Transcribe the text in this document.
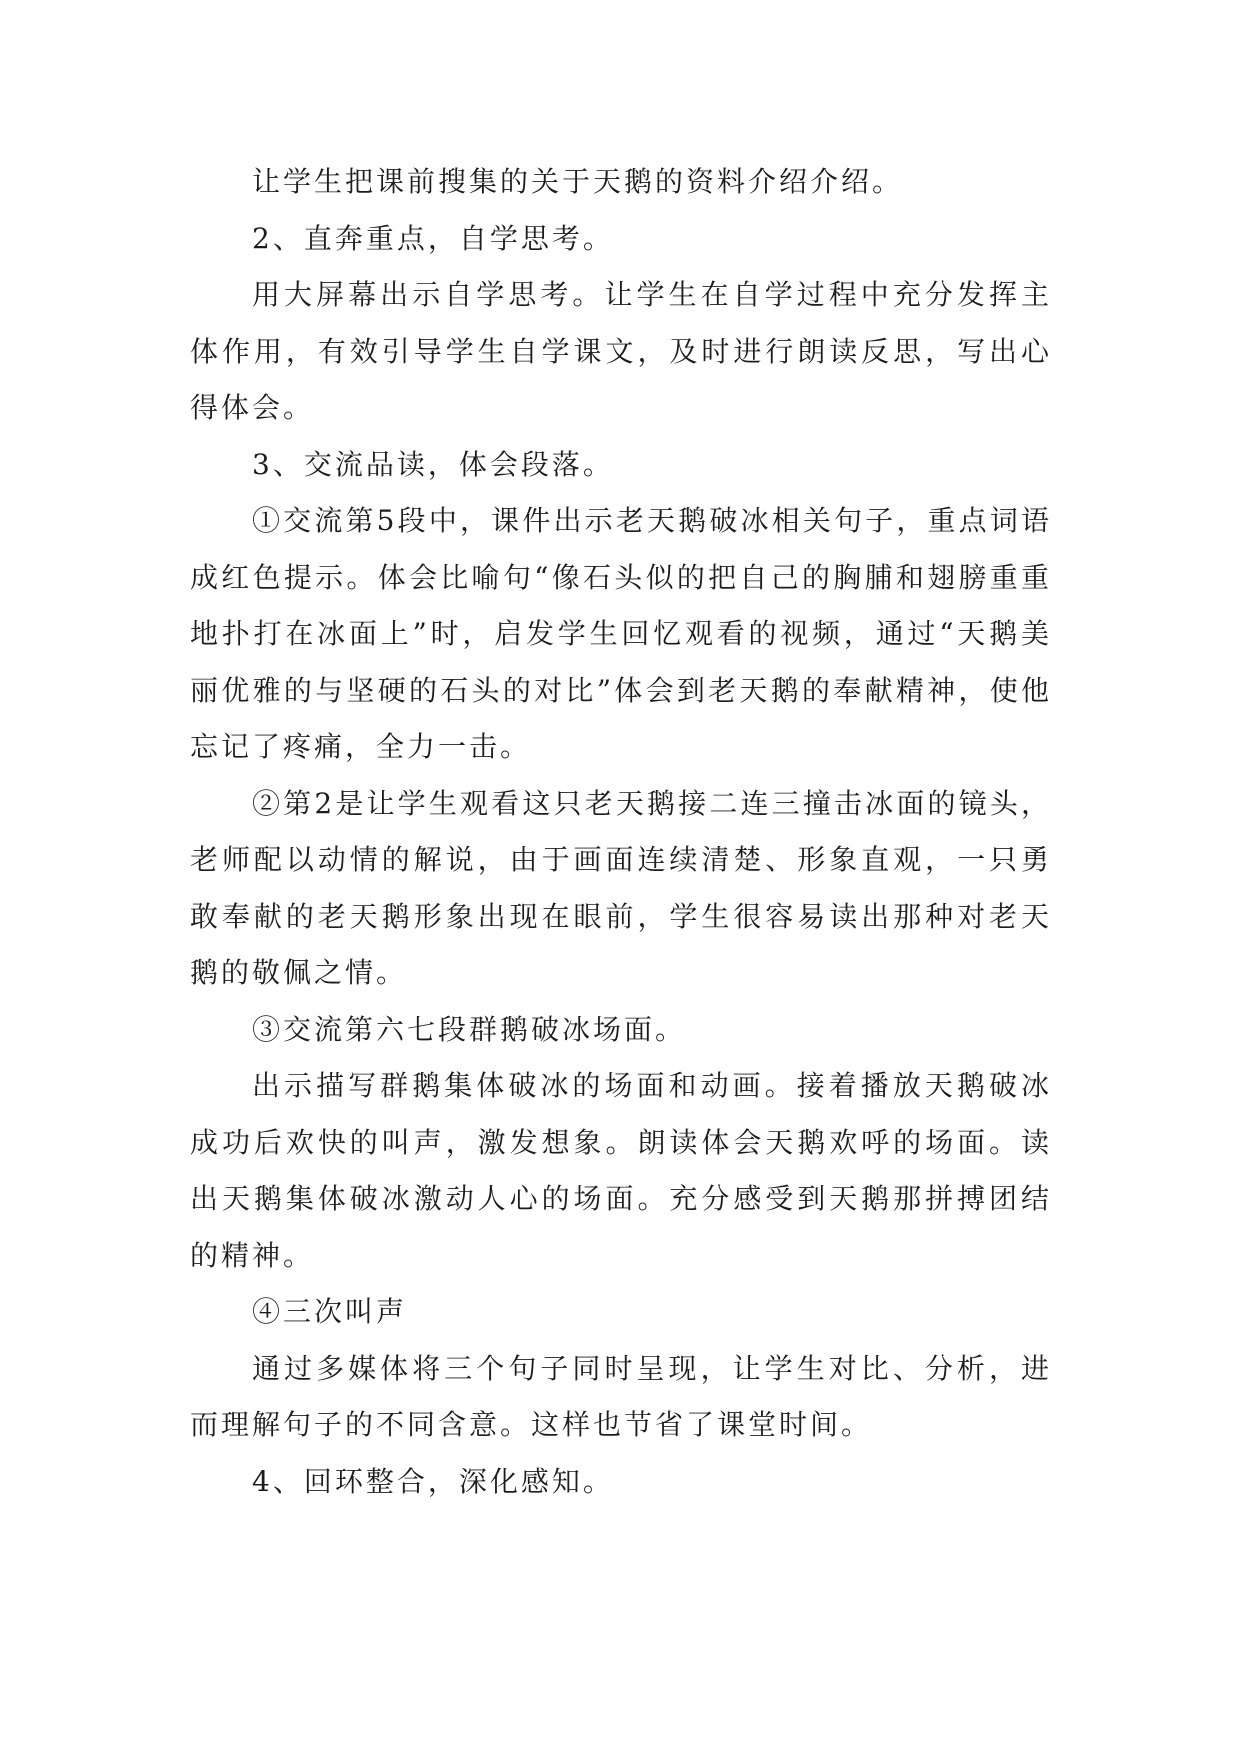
让学生把课前搜集的关于天鹅的资料介绍介绍。

2、直奔重点，自学思考。

用大屏幕出示自学思考。让学生在自学过程中充分发挥主体作用，有效引导学生自学课文，及时进行朗读反思，写出心得体会。

3、交流品读，体会段落。

①交流第5段中，课件出示老天鹅破冰相关句子，重点词语成红色提示。体会比喻句“像石头似的把自己的胸脯和翅膀重重地扑打在冰面上”时，启发学生回忆观看的视频，通过“天鹅美丽优雅的与坚硬的石头的对比”体会到老天鹅的奉献精神，使他忘记了疼痛，全力一击。

②第2是让学生观看这只老天鹅接二连三撞击冰面的镜头，老师配以动情的解说，由于画面连续清楚、形象直观，一只勇敢奉献的老天鹅形象出现在眼前，学生很容易读出那种对老天鹅的敬佩之情。

③交流第六七段群鹅破冰场面。

出示描写群鹅集体破冰的场面和动画。接着播放天鹅破冰成功后欢快的叫声，激发想象。朗读体会天鹅欢呼的场面。读出天鹅集体破冰激动人心的场面。充分感受到天鹅那拼搏团结的精神。

④三次叫声

通过多媒体将三个句子同时呈现，让学生对比、分析，进而理解句子的不同含意。这样也节省了课堂时间。

4、回环整合，深化感知。
